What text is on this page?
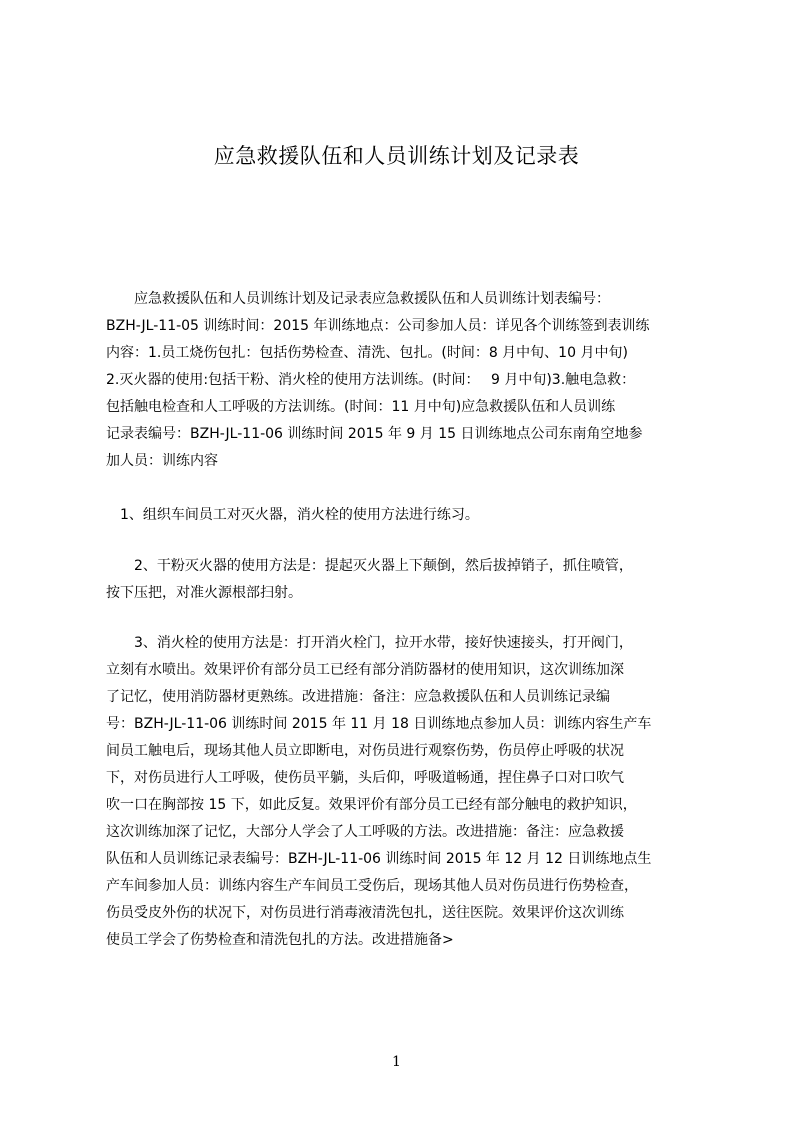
应急救援队伍和人员训练计划及记录表
　　应急救援队伍和人员训练计划及记录表应急救援队伍和人员训练计划表编号：
BZH-JL-11-05 训练时间：2015 年训练地点：公司参加人员：详见各个训练签到表训练
内容：1.员工烧伤包扎：包括伤势检查、清洗、包扎。(时间：8 月中旬、10 月中旬)
2.灭火器的使用:包括干粉、消火栓的使用方法训练。(时间：　 9 月中旬)3.触电急救：
包括触电检查和人工呼吸的方法训练。(时间：11 月中旬)应急救援队伍和人员训练
记录表编号：BZH-JL-11-06 训练时间 2015 年 9 月 15 日训练地点公司东南角空地参
加人员：训练内容
　1、组织车间员工对灭火器，消火栓的使用方法进行练习。
　　2、干粉灭火器的使用方法是：提起灭火器上下颠倒，然后拔掉销子，抓住喷管，
按下压把，对准火源根部扫射。
　　3、消火栓的使用方法是：打开消火栓门，拉开水带，接好快速接头，打开阀门，
立刻有水喷出。效果评价有部分员工已经有部分消防器材的使用知识，这次训练加深
了记忆，使用消防器材更熟练。改进措施：备注：应急救援队伍和人员训练记录编
号：BZH-JL-11-06 训练时间 2015 年 11 月 18 日训练地点参加人员：训练内容生产车
间员工触电后，现场其他人员立即断电，对伤员进行观察伤势，伤员停止呼吸的状况
下，对伤员进行人工呼吸，使伤员平躺，头后仰，呼吸道畅通，捏住鼻子口对口吹气
吹一口在胸部按 15 下，如此反复。效果评价有部分员工已经有部分触电的救护知识，
这次训练加深了记忆，大部分人学会了人工呼吸的方法。改进措施：备注：应急救援
队伍和人员训练记录表编号：BZH-JL-11-06 训练时间 2015 年 12 月 12 日训练地点生
产车间参加人员：训练内容生产车间员工受伤后，现场其他人员对伤员进行伤势检查，
伤员受皮外伤的状况下，对伤员进行消毒液清洗包扎，送往医院。效果评价这次训练
使员工学会了伤势检查和清洗包扎的方法。改进措施备>
1
